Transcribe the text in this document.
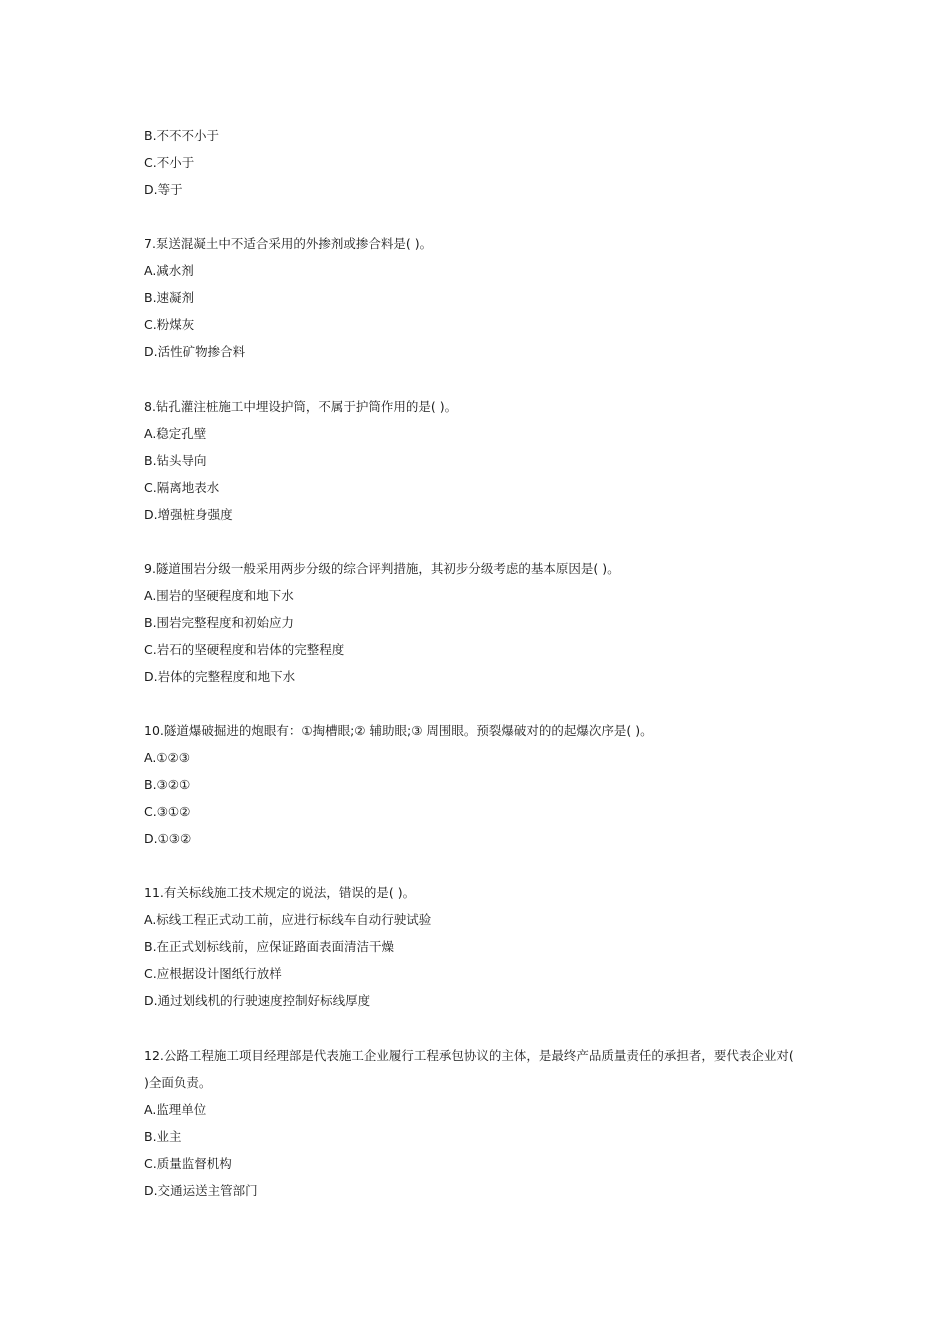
B.不不不小于
C.不小于
D.等于
7.泵送混凝土中不适合采用的外掺剂或掺合料是( )。
A.减水剂
B.速凝剂
C.粉煤灰
D.活性矿物掺合料
8.钻孔灌注桩施工中埋设护筒，不属于护筒作用的是( )。
A.稳定孔壁
B.钻头导向
C.隔离地表水
D.增强桩身强度
9.隧道围岩分级一般采用两步分级的综合评判措施，其初步分级考虑的基本原因是( )。
A.围岩的坚硬程度和地下水
B.围岩完整程度和初始应力
C.岩石的坚硬程度和岩体的完整程度
D.岩体的完整程度和地下水
10.隧道爆破掘进的炮眼有：①掏槽眼;② 辅助眼;③ 周围眼。预裂爆破对的的起爆次序是( )。
A.①②③
B.③②①
C.③①②
D.①③②
11.有关标线施工技术规定的说法，错误的是( )。
A.标线工程正式动工前，应进行标线车自动行驶试验
B.在正式划标线前，应保证路面表面清洁干燥
C.应根据设计图纸行放样
D.通过划线机的行驶速度控制好标线厚度
12.公路工程施工项目经理部是代表施工企业履行工程承包协议的主体，是最终产品质量责任的承担者，要代表企业对(
)全面负责。
A.监理单位
B.业主
C.质量监督机构
D.交通运送主管部门
